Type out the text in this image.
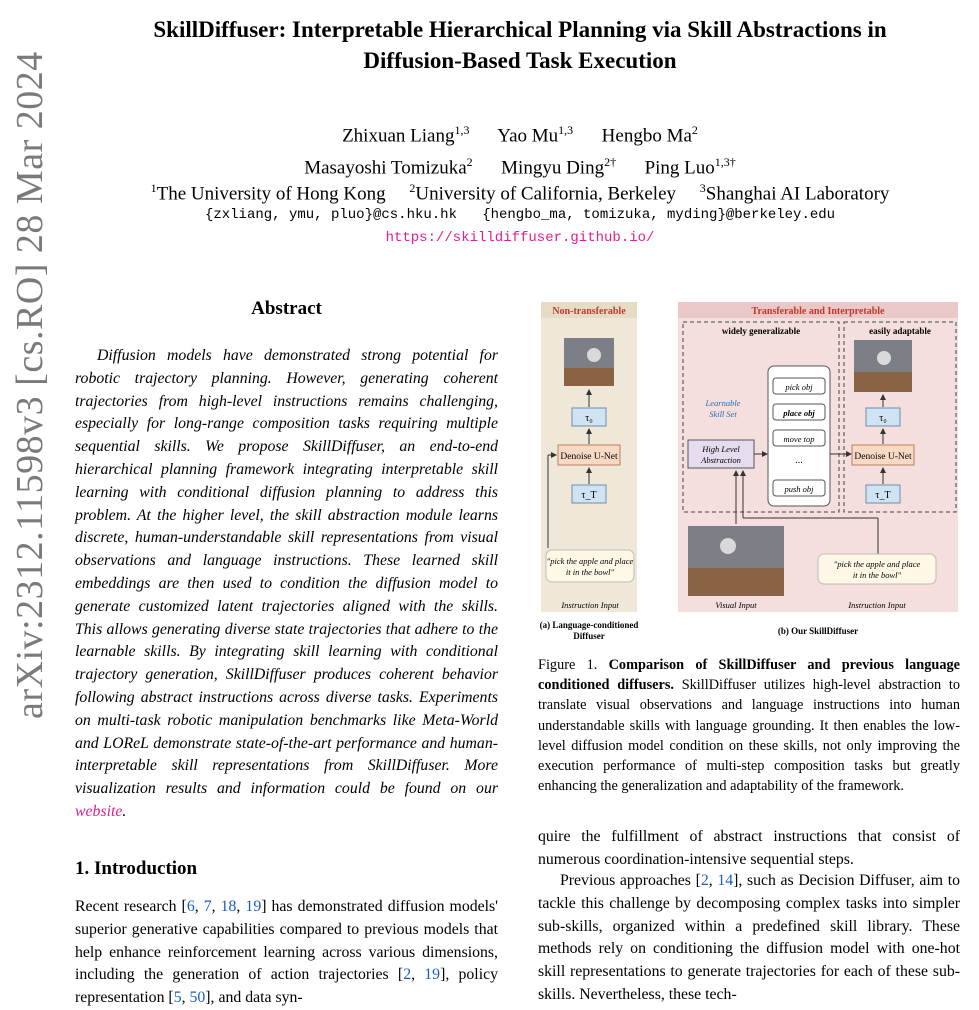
arXiv:2312.11598v3 [cs.RO] 28 Mar 2024
SkillDiffuser: Interpretable Hierarchical Planning via Skill Abstractions in
Diffusion-Based Task Execution
Zhixuan Liang$^{1,3}$ Yao Mu$^{1,3}$ Hengbo Ma$^2$
Masayoshi Tomizuka$^2$ Mingyu Ding$^{2\dagger}$ Ping Luo$^{1,3\dagger}$
$^1$The University of Hong Kong $^2$University of California, Berkeley $^3$Shanghai AI Laboratory
{zxliang, ymu, pluo}@cs.hku.hk {hengbo_ma, tomizuka, myding}@berkeley.edu
https://skilldiffuser.github.io/
Abstract
Diffusion models have demonstrated strong potential for robotic trajectory planning. However, generating coherent trajectories from high-level instructions remains challenging, especially for long-range composition tasks requiring multiple sequential skills. We propose SkillDiffuser, an end-to-end hierarchical planning framework integrating interpretable skill learning with conditional diffusion planning to address this problem. At the higher level, the skill abstraction module learns discrete, human-understandable skill representations from visual observations and language instructions. These learned skill embeddings are then used to condition the diffusion model to generate customized latent trajectories aligned with the skills. This allows generating diverse state trajectories that adhere to the learnable skills. By integrating skill learning with conditional trajectory generation, SkillDiffuser produces coherent behavior following abstract instructions across diverse tasks. Experiments on multi-task robotic manipulation benchmarks like Meta-World and LOReL demonstrate state-of-the-art performance and human-interpretable skill representations from SkillDiffuser. More visualization results and information could be found on our website.
1. Introduction
Recent research [6, 7, 18, 19] has demonstrated diffusion models' superior generative capabilities compared to previous models that help enhance reinforcement learning across various dimensions, including the generation of action trajectories [2, 19], policy representation [5, 50], and data syn-
Non-transferable
τ₀
Denoise U-Net
τ_T
"pick the apple and place
it in the bowl"
Instruction Input
(a) Language-conditioned
Diffuser
Transferable and Interpretable
widely generalizable	easily adaptable
Learnable
Skill Set
pick obj
place obj
move top
...
push obj
High Level
Abstraction
τ₀
Denoise U-Net
τ_T
"pick the apple and place
it in the bowl"
Visual Input	Instruction Input
(b) Our SkillDiffuser
Figure 1. Comparison of SkillDiffuser and previous language conditioned diffusers. SkillDiffuser utilizes high-level abstraction to translate visual observations and language instructions into human understandable skills with language grounding. It then enables the low-level diffusion model condition on these skills, not only improving the execution performance of multi-step composition tasks but greatly enhancing the generalization and adaptability of the framework.
quire the fulfillment of abstract instructions that consist of numerous coordination-intensive sequential steps.
Previous approaches [2, 14], such as Decision Diffuser, aim to tackle this challenge by decomposing complex tasks into simpler sub-skills, organized within a predefined skill library. These methods rely on conditioning the diffusion model with one-hot skill representations to generate trajectories for each of these sub-skills. Nevertheless, these tech-
